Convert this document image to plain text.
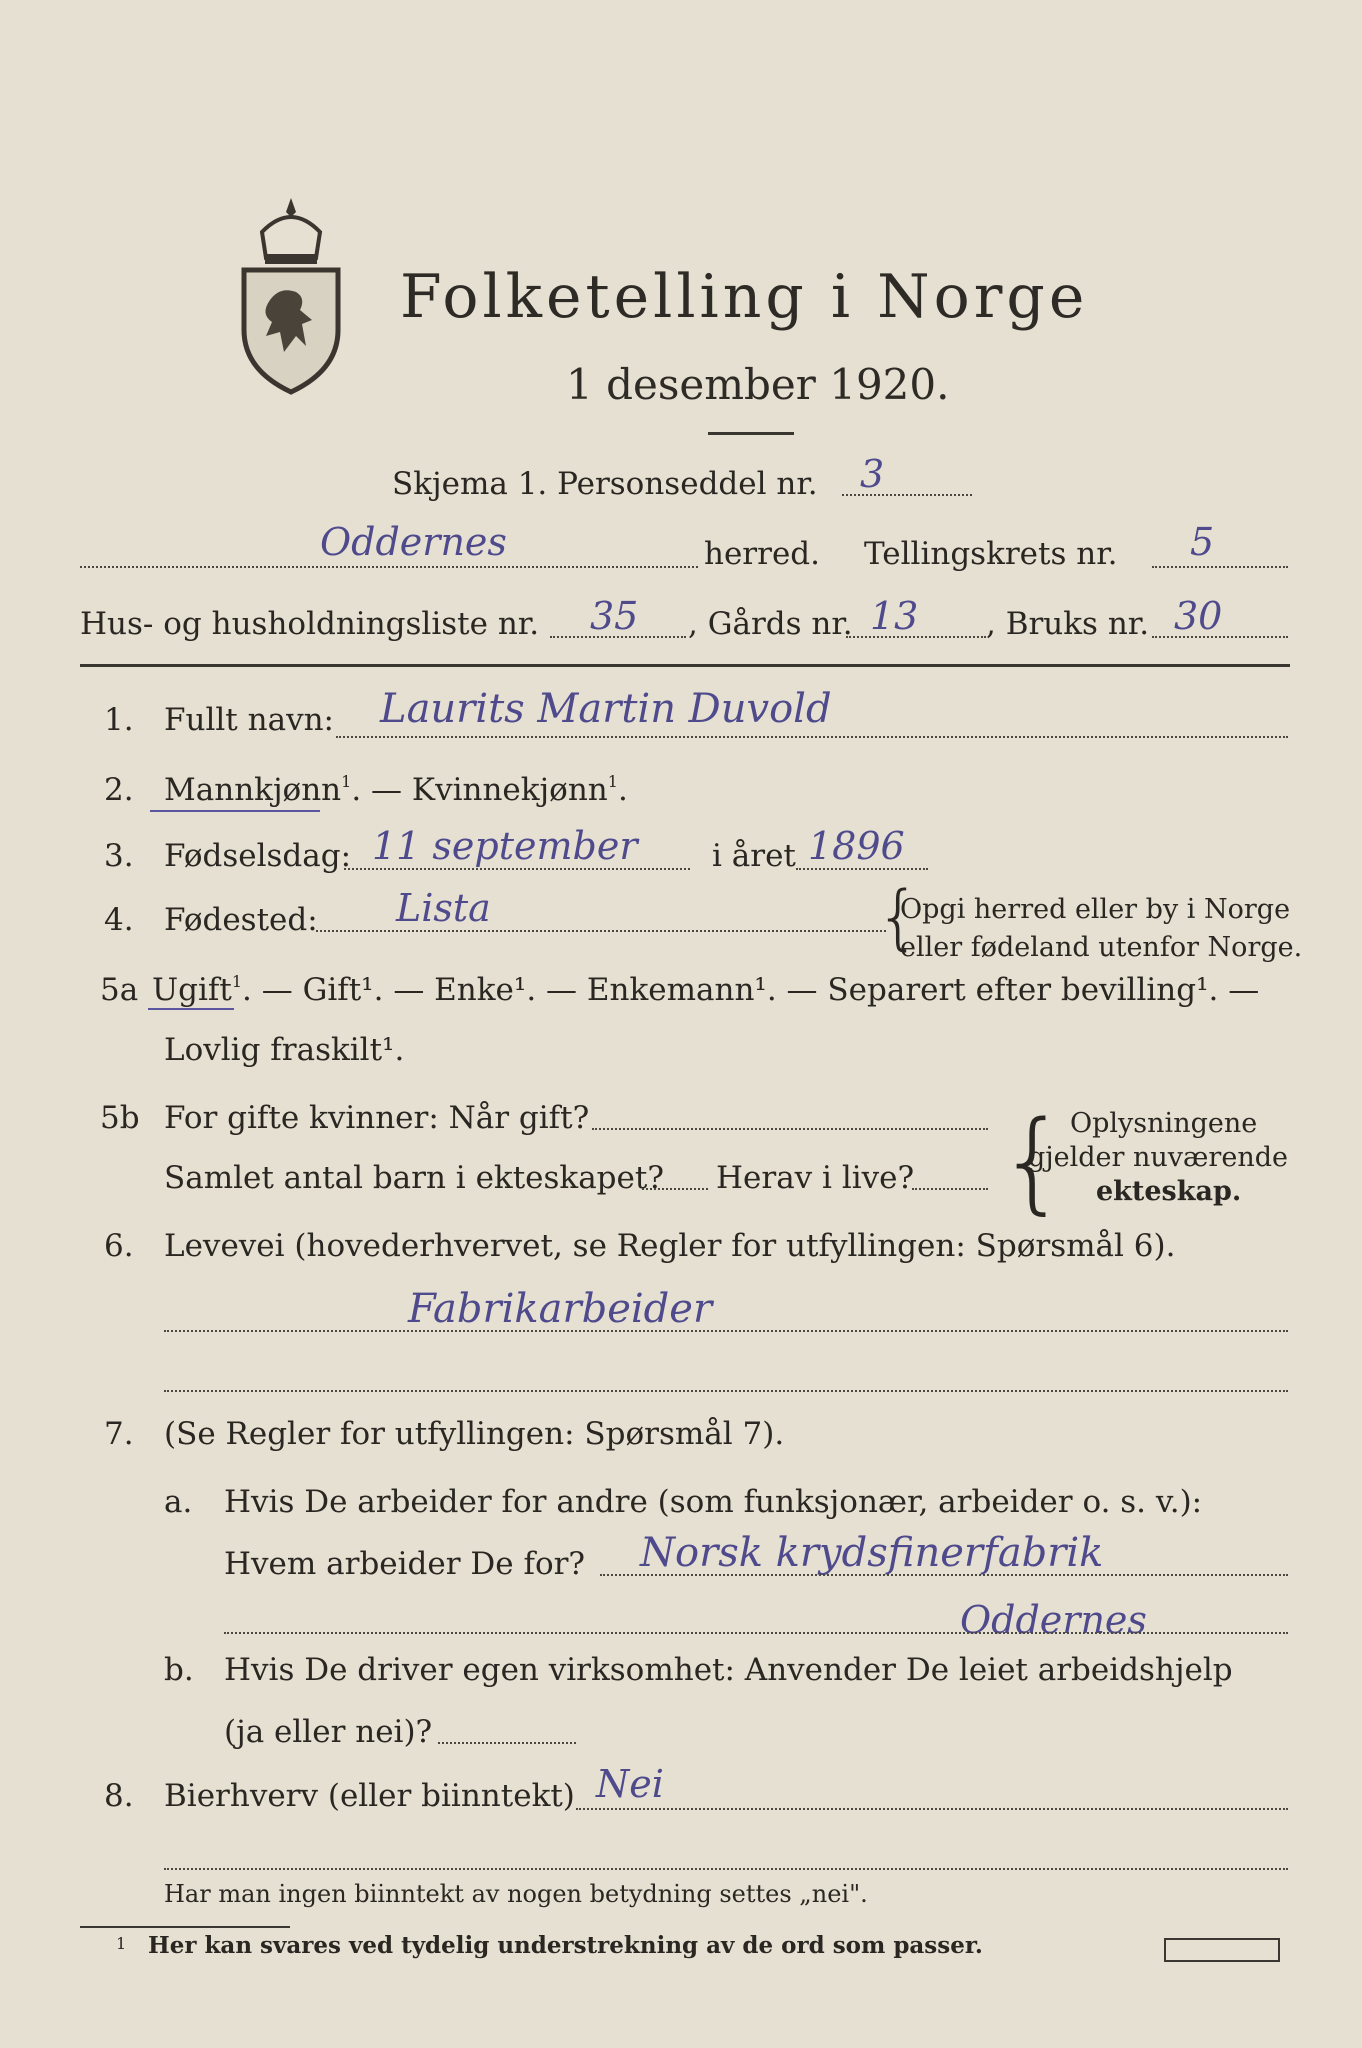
Folketelling i Norge
1 desember 1920.
Skjema 1. Personseddel nr. 3
Oddernes	herred. Tellingskrets nr. 5
Hus- og husholdningsliste nr. 35 , Gårds nr. 13 , Bruks nr. 30
1. Fullt navn: Laurits Martin Duvold
2. Mannkjønn$^1$. — Kvinnekjønn$^1$.
3. Fødselsdag: 11 september i året 1896
4. Fødested: Lista	{
Opgi herred eller by i Norge
eller fødeland utenfor Norge.
5a Ugift$^1$. — Gift¹. — Enke¹. — Enkemann¹. — Separert efter bevilling¹. —
Lovlig fraskilt¹.
5b For gifte kvinner: Når gift?
Samlet antal barn i ekteskapet? Herav i live? { Oplysningene
gjelder nuværende
ekteskap.
6. Levevei (hovederhvervet, se Regler for utfyllingen: Spørsmål 6).
Fabrikarbeider
7. (Se Regler for utfyllingen: Spørsmål 7).
a. Hvis De arbeider for andre (som funksjonær, arbeider o. s. v.):
Hvem arbeider De for? Norsk krydsfinerfabrik
Oddernes
b. Hvis De driver egen virksomhet: Anvender De leiet arbeidshjelp
(ja eller nei)?
8. Bierhverv (eller biinntekt) Nei
Har man ingen biinntekt av nogen betydning settes „nei".
1 Her kan svares ved tydelig understrekning av de ord som passer.
